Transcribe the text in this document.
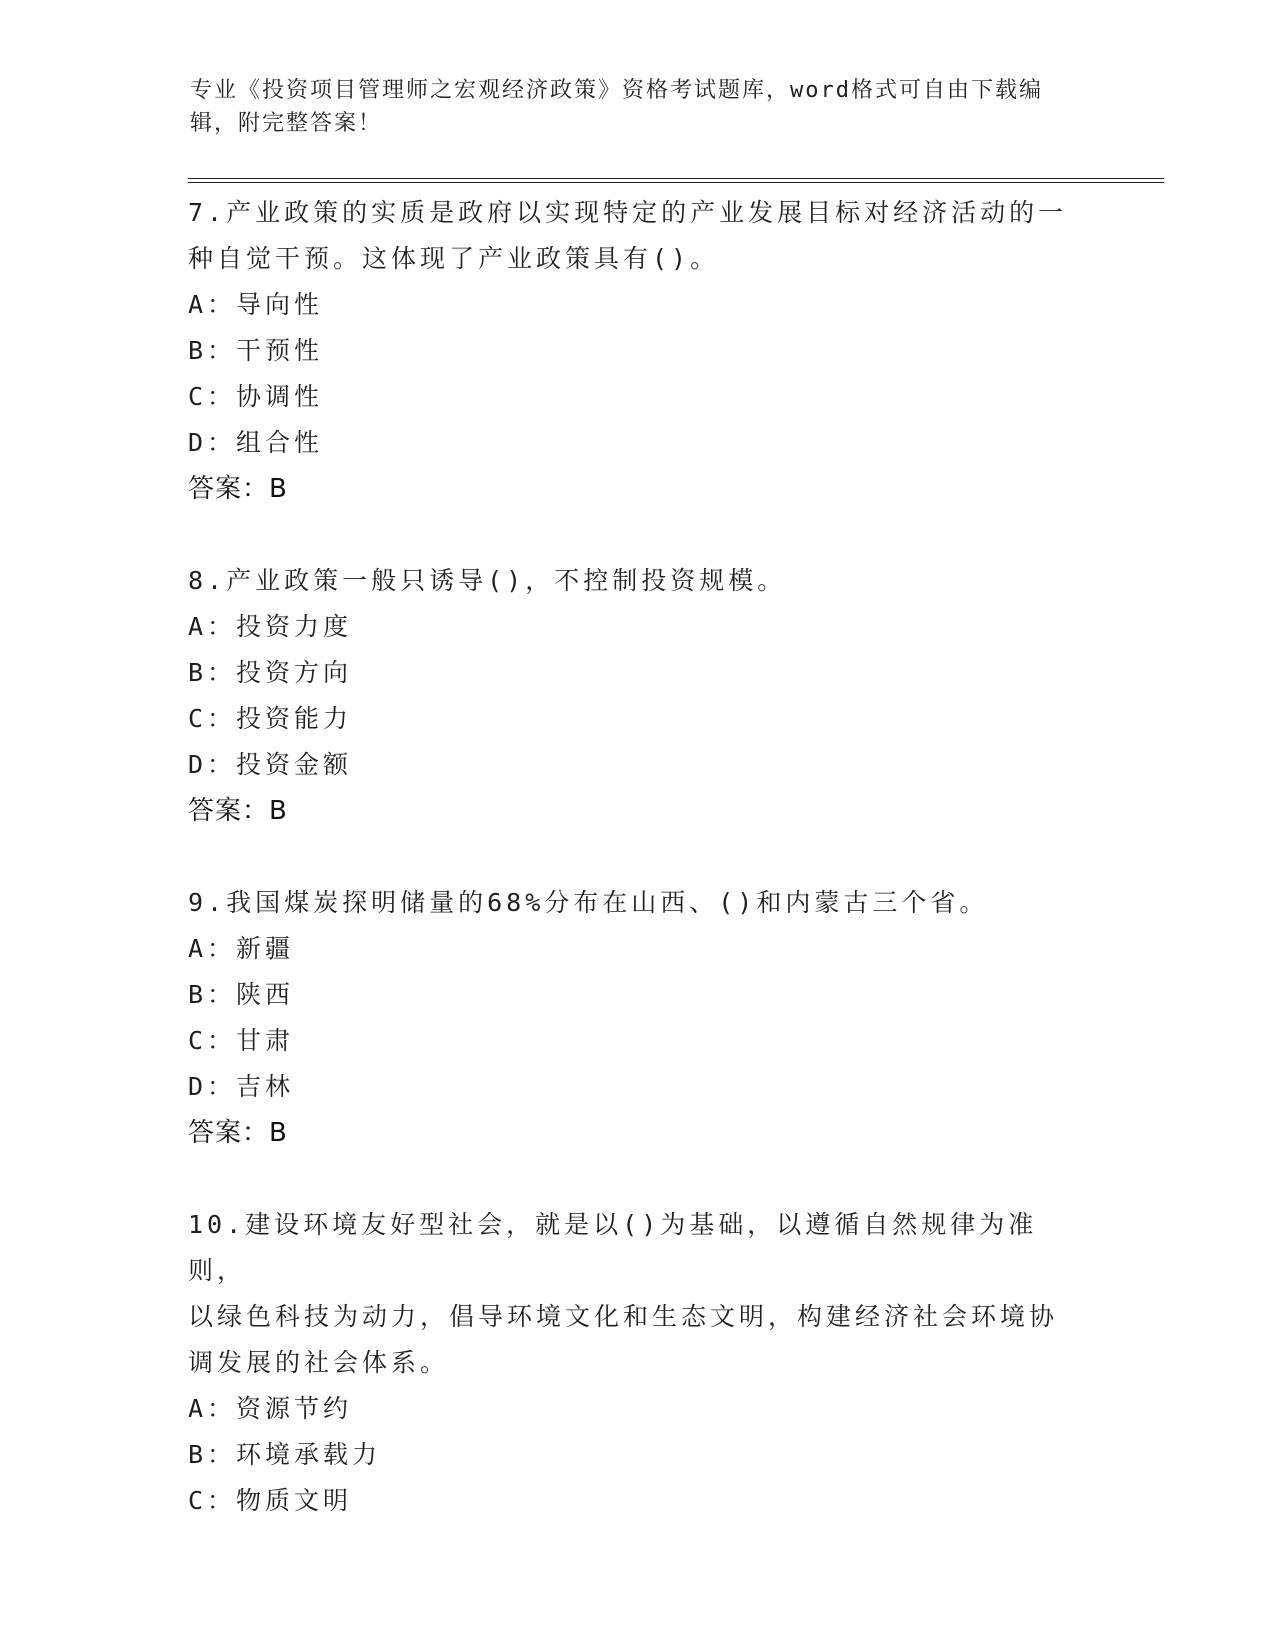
专业《投资项目管理师之宏观经济政策》资格考试题库，word格式可自由下载编
辑，附完整答案！
7.产业政策的实质是政府以实现特定的产业发展目标对经济活动的一
种自觉干预。这体现了产业政策具有()。
A：导向性
B：干预性
C：协调性
D：组合性
答案：B
8.产业政策一般只诱导()，不控制投资规模。
A：投资力度
B：投资方向
C：投资能力
D：投资金额
答案：B
9.我国煤炭探明储量的68%分布在山西、()和内蒙古三个省。
A：新疆
B：陕西
C：甘肃
D：吉林
答案：B
10.建设环境友好型社会，就是以()为基础，以遵循自然规律为准则，
以绿色科技为动力，倡导环境文化和生态文明，构建经济社会环境协
调发展的社会体系。
A：资源节约
B：环境承载力
C：物质文明
